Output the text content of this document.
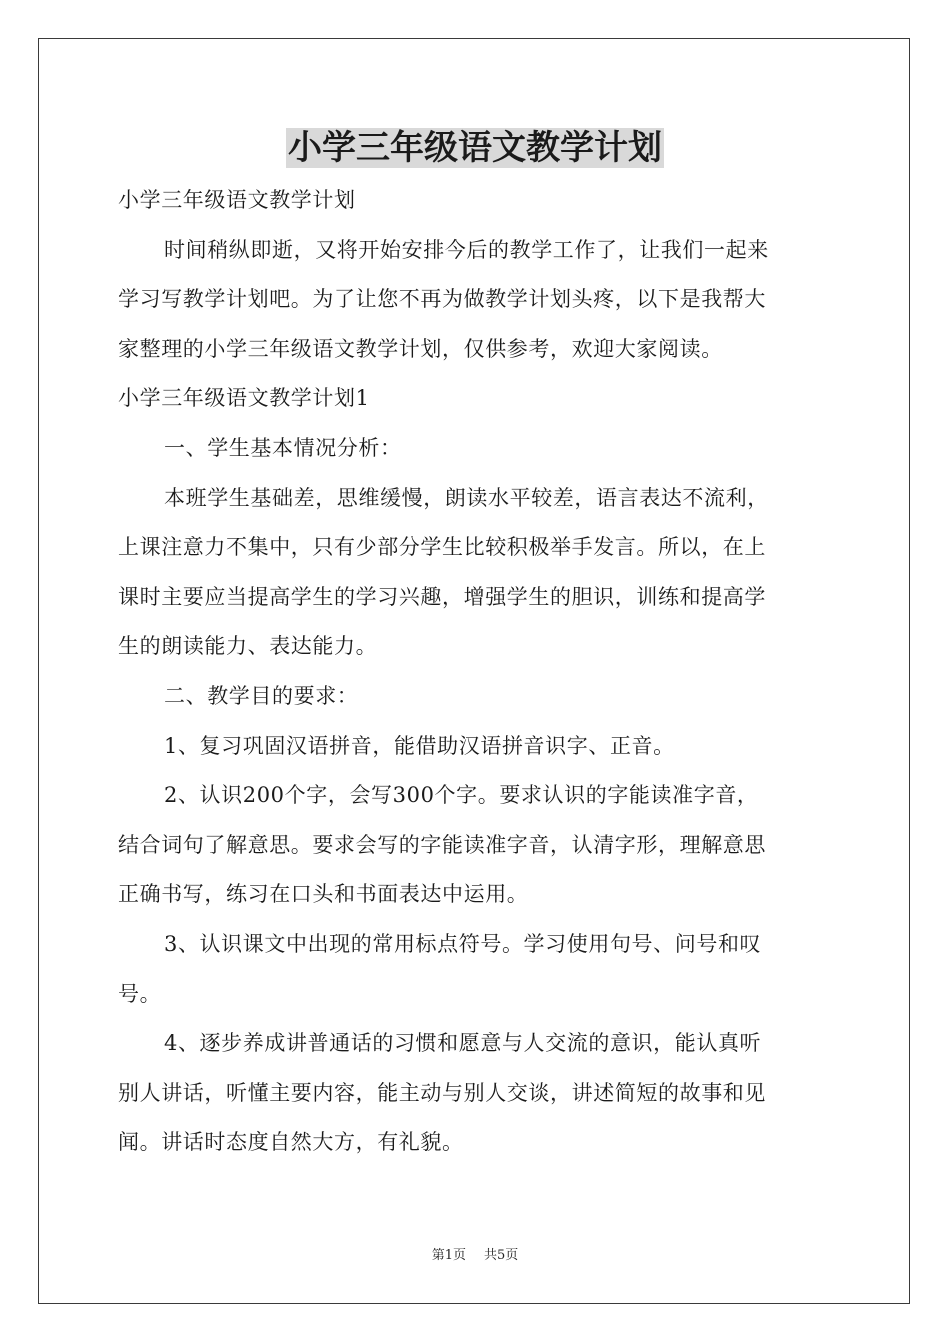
小学三年级语文教学计划
小学三年级语文教学计划
时间稍纵即逝，又将开始安排今后的教学工作了，让我们一起来
学习写教学计划吧。为了让您不再为做教学计划头疼，以下是我帮大
家整理的小学三年级语文教学计划，仅供参考，欢迎大家阅读。
小学三年级语文教学计划1
一、学生基本情况分析：
本班学生基础差，思维缓慢，朗读水平较差，语言表达不流利，
上课注意力不集中，只有少部分学生比较积极举手发言。所以，在上
课时主要应当提高学生的学习兴趣，增强学生的胆识，训练和提高学
生的朗读能力、表达能力。
二、教学目的要求：
1、复习巩固汉语拼音，能借助汉语拼音识字、正音。
2、认识200个字，会写300个字。要求认识的字能读准字音，
结合词句了解意思。要求会写的字能读准字音，认清字形，理解意思
正确书写，练习在口头和书面表达中运用。
3、认识课文中出现的常用标点符号。学习使用句号、问号和叹
号。
4、逐步养成讲普通话的习惯和愿意与人交流的意识，能认真听
别人讲话，听懂主要内容，能主动与别人交谈，讲述简短的故事和见
闻。讲话时态度自然大方，有礼貌。
第1页 共5页
